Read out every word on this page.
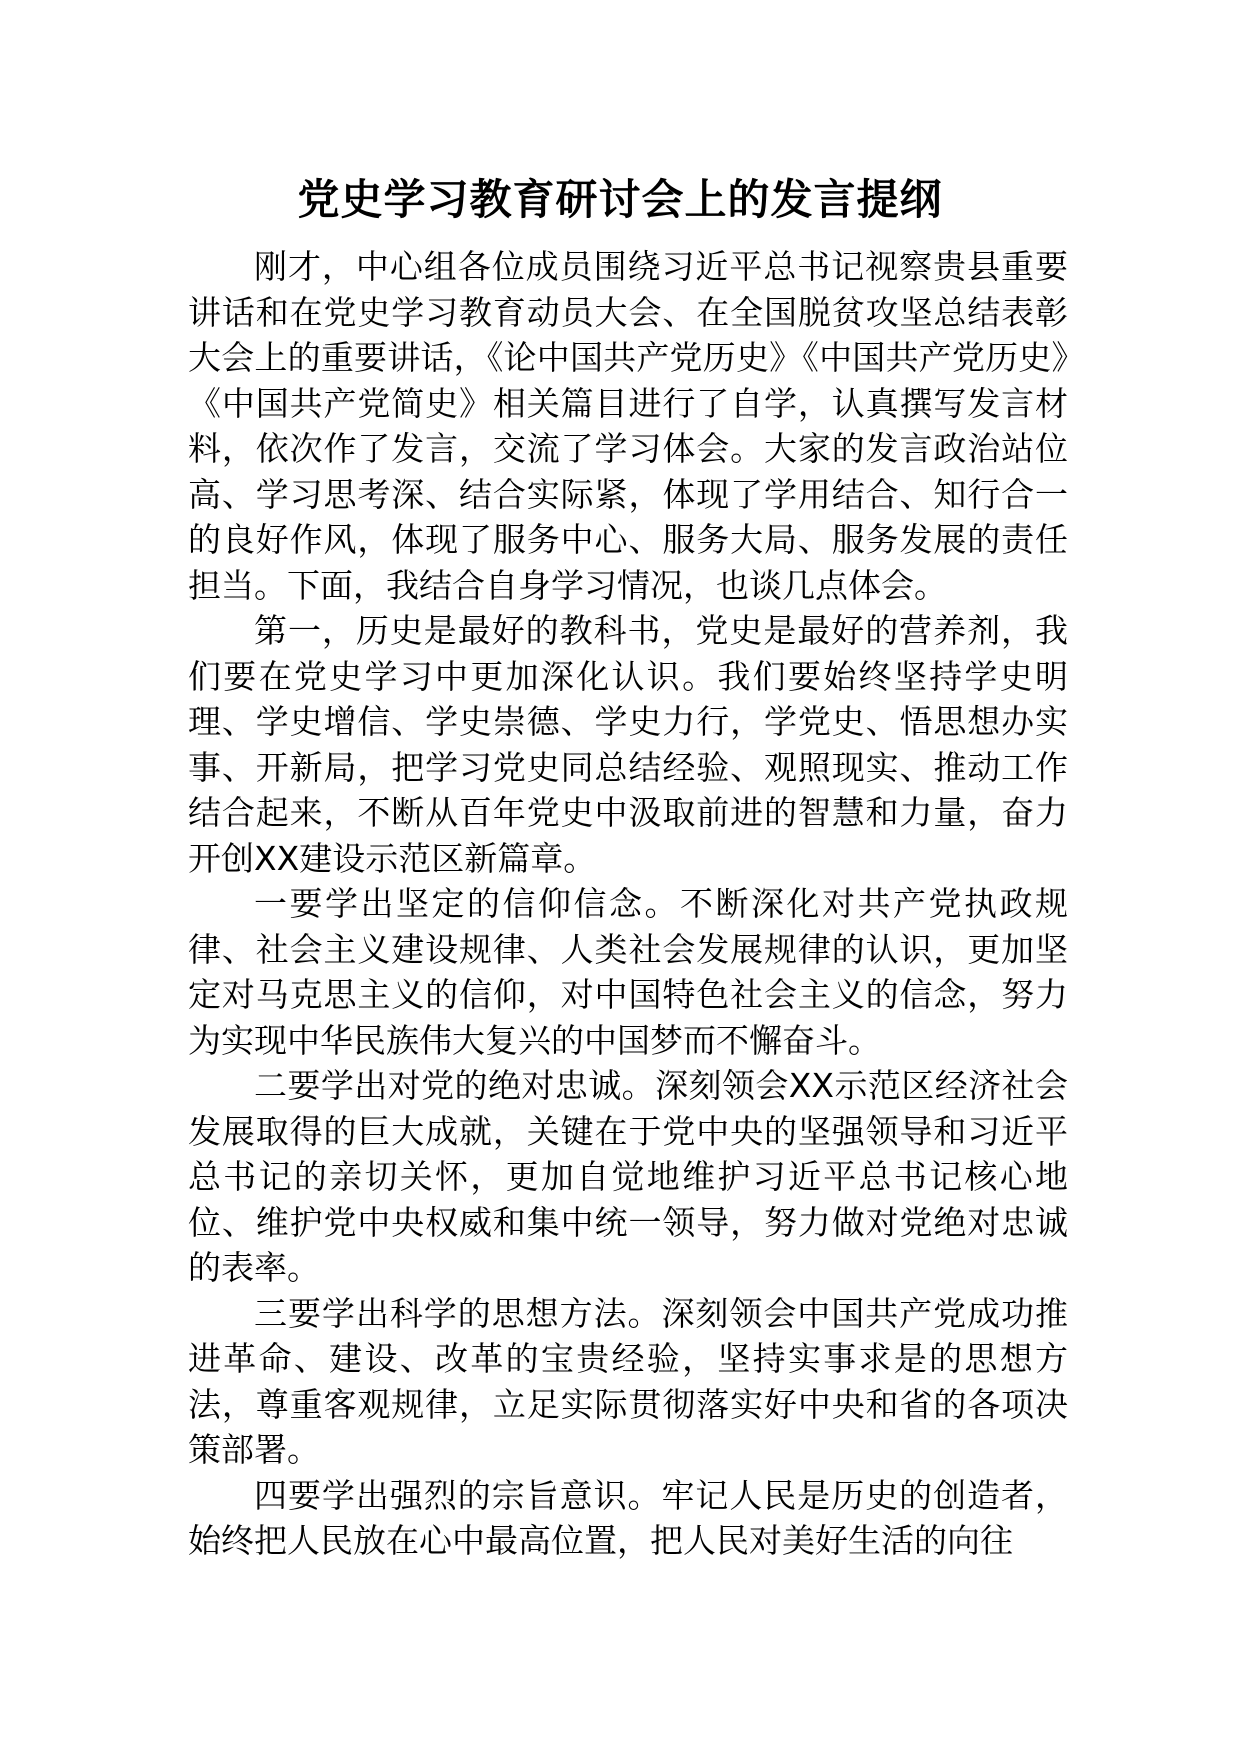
党史学习教育研讨会上的发言提纲

刚才，中心组各位成员围绕习近平总书记视察贵县重要讲话和在党史学习教育动员大会、在全国脱贫攻坚总结表彰大会上的重要讲话，《论中国共产党历史》《中国共产党历史》《中国共产党简史》相关篇目进行了自学，认真撰写发言材料，依次作了发言，交流了学习体会。大家的发言政治站位高、学习思考深、结合实际紧，体现了学用结合、知行合一的良好作风，体现了服务中心、服务大局、服务发展的责任担当。下面，我结合自身学习情况，也谈几点体会。

第一，历史是最好的教科书，党史是最好的营养剂，我们要在党史学习中更加深化认识。我们要始终坚持学史明理、学史增信、学史崇德、学史力行，学党史、悟思想办实事、开新局，把学习党史同总结经验、观照现实、推动工作结合起来，不断从百年党史中汲取前进的智慧和力量，奋力开创XX建设示范区新篇章。

一要学出坚定的信仰信念。不断深化对共产党执政规律、社会主义建设规律、人类社会发展规律的认识，更加坚定对马克思主义的信仰，对中国特色社会主义的信念，努力为实现中华民族伟大复兴的中国梦而不懈奋斗。

二要学出对党的绝对忠诚。深刻领会XX示范区经济社会发展取得的巨大成就，关键在于党中央的坚强领导和习近平总书记的亲切关怀，更加自觉地维护习近平总书记核心地位、维护党中央权威和集中统一领导，努力做对党绝对忠诚的表率。

三要学出科学的思想方法。深刻领会中国共产党成功推进革命、建设、改革的宝贵经验，坚持实事求是的思想方法，尊重客观规律，立足实际贯彻落实好中央和省的各项决策部署。

四要学出强烈的宗旨意识。牢记人民是历史的创造者，始终把人民放在心中最高位置，把人民对美好生活的向往
